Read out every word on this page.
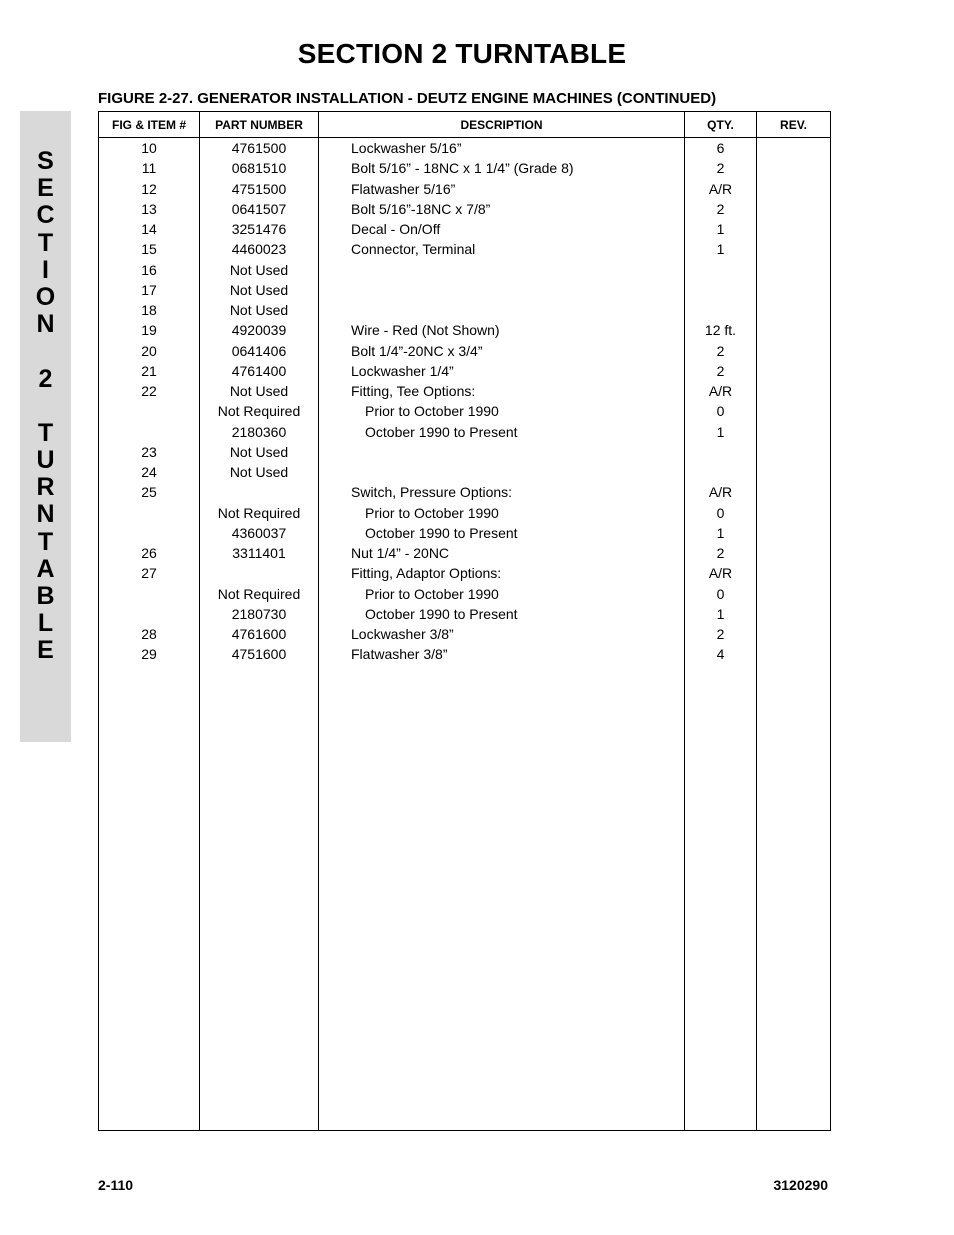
SECTION 2 TURNTABLE
S
E
C
T
I
O
N
2
T
U
R
N
T
A
B
L
E
FIGURE 2-27. GENERATOR INSTALLATION - DEUTZ ENGINE MACHINES (CONTINUED)
FIG & ITEM #	PART NUMBER	DESCRIPTION	QTY.	REV.
10	4761500	Lockwasher 5/16”	6	
11	0681510	Bolt 5/16” - 18NC x 1 1/4” (Grade 8)	2	
12	4751500	Flatwasher 5/16”	A/R	
13	0641507	Bolt 5/16”-18NC x 7/8”	2	
14	3251476	Decal - On/Off	1	
15	4460023	Connector, Terminal	1	
16	Not Used			
17	Not Used			
18	Not Used			
19	4920039	Wire - Red (Not Shown)	12 ft.	
20	0641406	Bolt 1/4”-20NC x 3/4”	2	
21	4761400	Lockwasher 1/4”	2	
22	Not Used	Fitting, Tee Options:	A/R	
	Not Required	Prior to October 1990	0	
	2180360	October 1990 to Present	1	
23	Not Used			
24	Not Used			
25		Switch, Pressure Options:	A/R	
	Not Required	Prior to October 1990	0	
	4360037	October 1990 to Present	1	
26	3311401	Nut 1/4” - 20NC	2	
27		Fitting, Adaptor Options:	A/R	
	Not Required	Prior to October 1990	0	
	2180730	October 1990 to Present	1	
28	4761600	Lockwasher 3/8”	2	
29	4751600	Flatwasher 3/8”	4	

2-110	3120290
